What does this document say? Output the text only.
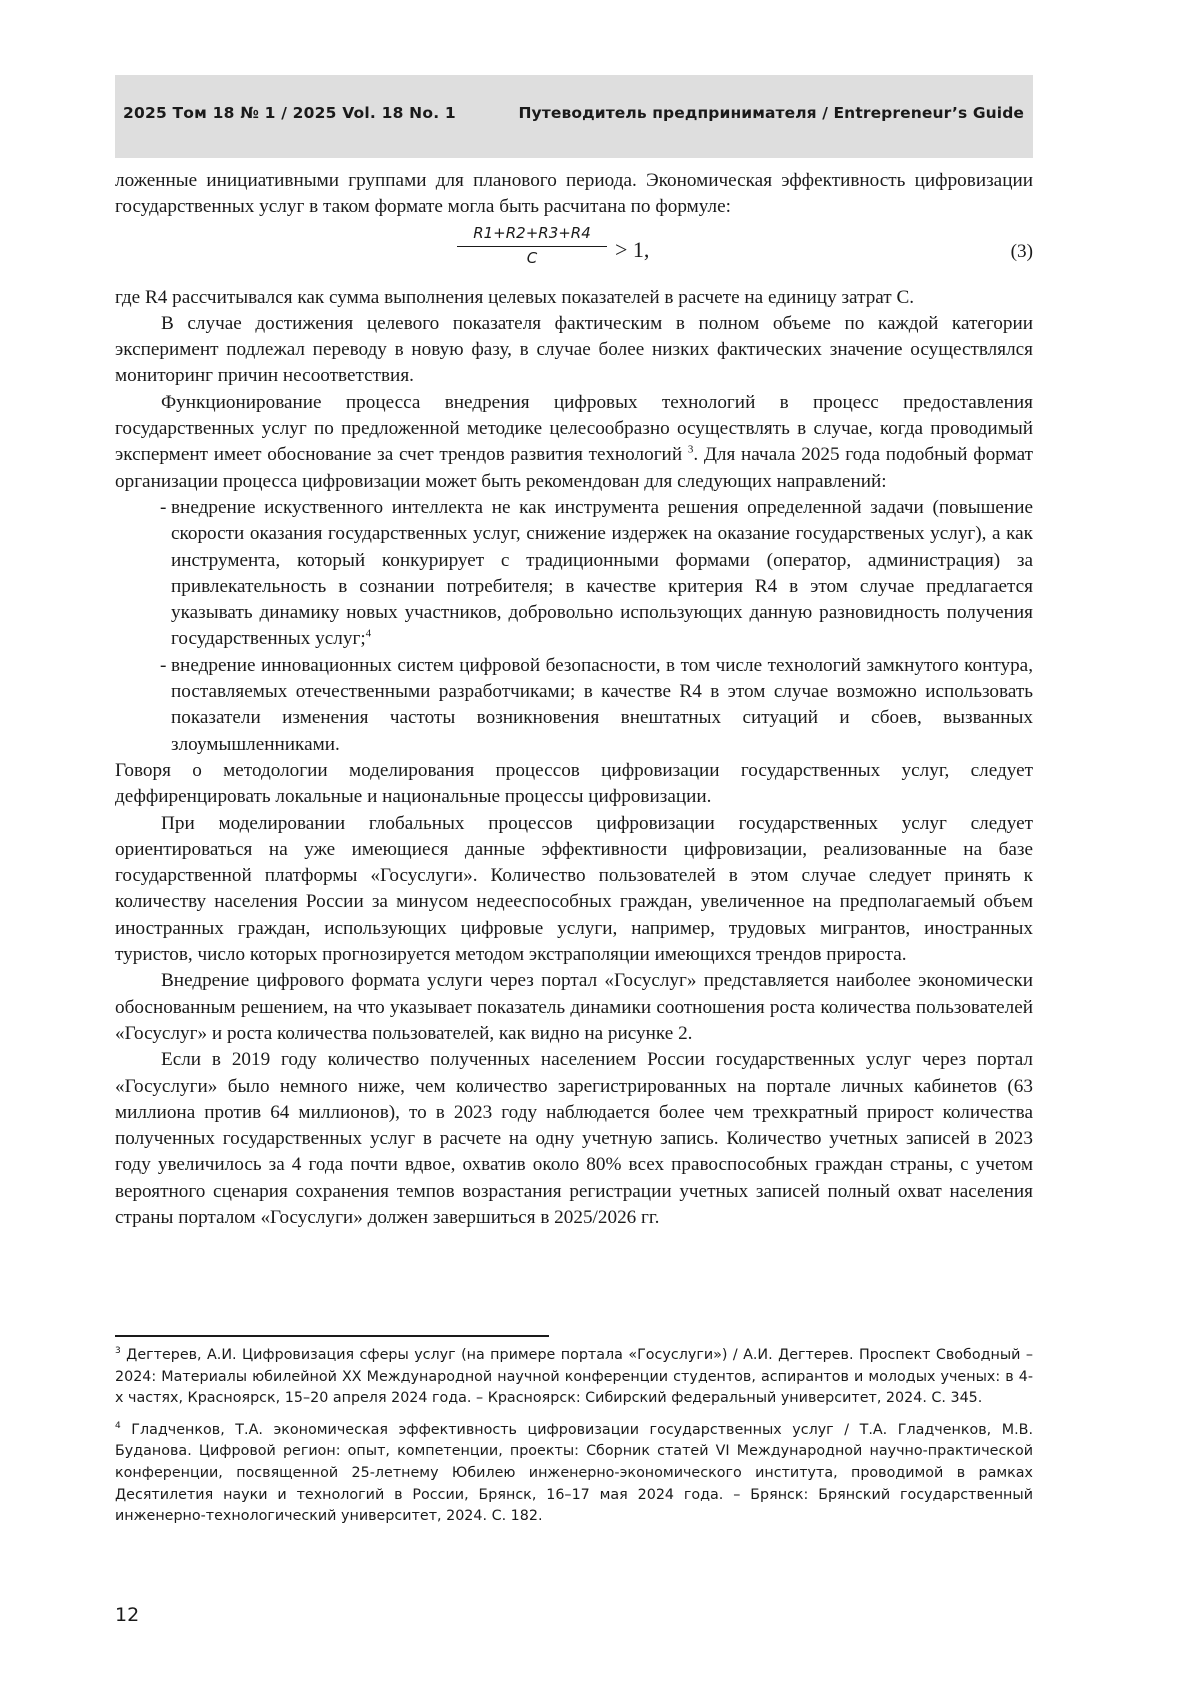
2025 Том 18 № 1 / 2025 Vol. 18 No. 1	Путеводитель предпринимателя / Entrepreneur’s Guide

ложенные инициативными группами для планового периода. Экономическая эффективность цифровизации государственных услуг в таком формате могла быть расчитана по формуле:

$\frac{R1+R2+R3+R4}{C} > 1$,	(3)

где R4 рассчитывался как сумма выполнения целевых показателей в расчете на единицу затрат C.

В случае достижения целевого показателя фактическим в полном объеме по каждой категории эксперимент подлежал переводу в новую фазу, в случае более низких фактических значение осуществлялся мониторинг причин несоответствия.

Функционирование процесса внедрения цифровых технологий в процесс предоставления государственных услуг по предложенной методике целесообразно осуществлять в случае, когда проводимый экспермент имеет обоснование за счет трендов развития технологий $^3$. Для начала 2025 года подобный формат организации процесса цифровизации может быть рекомендован для следующих направлений:

- внедрение искуственного интеллекта не как инструмента решения определенной задачи (повышение скорости оказания государственных услуг, снижение издержек на оказание государственых услуг), а как инструмента, который конкурирует с традиционными формами (оператор, администрация) за привлекательность в сознании потребителя; в качестве критерия R4 в этом случае предлагается указывать динамику новых участников, добровольно использующих данную разновидность получения государственных услуг;$^4$
- внедрение инновационных систем цифровой безопасности, в том числе технологий замкнутого контура, поставляемых отечественными разработчиками; в качестве R4 в этом случае возможно использовать показатели изменения частоты возникновения внештатных ситуаций и сбоев, вызванных злоумышленниками.

Говоря о методологии моделирования процессов цифровизации государственных услуг, следует деффиренцировать локальные и национальные процессы цифровизации.

При моделировании глобальных процессов цифровизации государственных услуг следует ориентироваться на уже имеющиеся данные эффективности цифровизации, реализованные на базе государственной платформы «Госуслуги». Количество пользователей в этом случае следует принять к количеству населения России за минусом недееспособных граждан, увеличенное на предполагаемый объем иностранных граждан, использующих цифровые услуги, например, трудовых мигрантов, иностранных туристов, число которых прогнозируется методом экстраполяции имеющихся трендов прироста.

Внедрение цифрового формата услуги через портал «Госуслуг» представляется наиболее экономически обоснованным решением, на что указывает показатель динамики соотношения роста количества пользователей «Госуслуг» и роста количества пользователей, как видно на рисунке 2.

Если в 2019 году количество полученных населением России государственных услуг через портал «Госуслуги» было немного ниже, чем количество зарегистрированных на портале личных кабинетов (63 миллиона против 64 миллионов), то в 2023 году наблюдается более чем трехкратный прирост количества полученных государственных услуг в расчете на одну учетную запись. Количество учетных записей в 2023 году увеличилось за 4 года почти вдвое, охватив около 80% всех правоспособных граждан страны, с учетом вероятного сценария сохранения темпов возрастания регистрации учетных записей полный охват населения страны порталом «Госуслуги» должен завершиться в 2025/2026 гг.

$^3$ Дегтерев, А.И. Цифровизация сферы услуг (на примере портала «Госуслуги») / А.И. Дегтерев. Проспект Свободный – 2024: Материалы юбилейной XX Международной научной конференции студентов, аспирантов и молодых ученых: в 4-х частях, Красноярск, 15–20 апреля 2024 года. – Красноярск: Сибирский федеральный университет, 2024. С. 345.

$^4$ Гладченков, Т.А. экономическая эффективность цифровизации государственных услуг / Т.А. Гладченков, М.В. Буданова. Цифровой регион: опыт, компетенции, проекты: Сборник статей VI Международной научно-практической конференции, посвященной 25-летнему Юбилею инженерно-экономического института, проводимой в рамках Десятилетия науки и технологий в России, Брянск, 16–17 мая 2024 года. – Брянск: Брянский государственный инженерно-технологический университет, 2024. С. 182.

12
